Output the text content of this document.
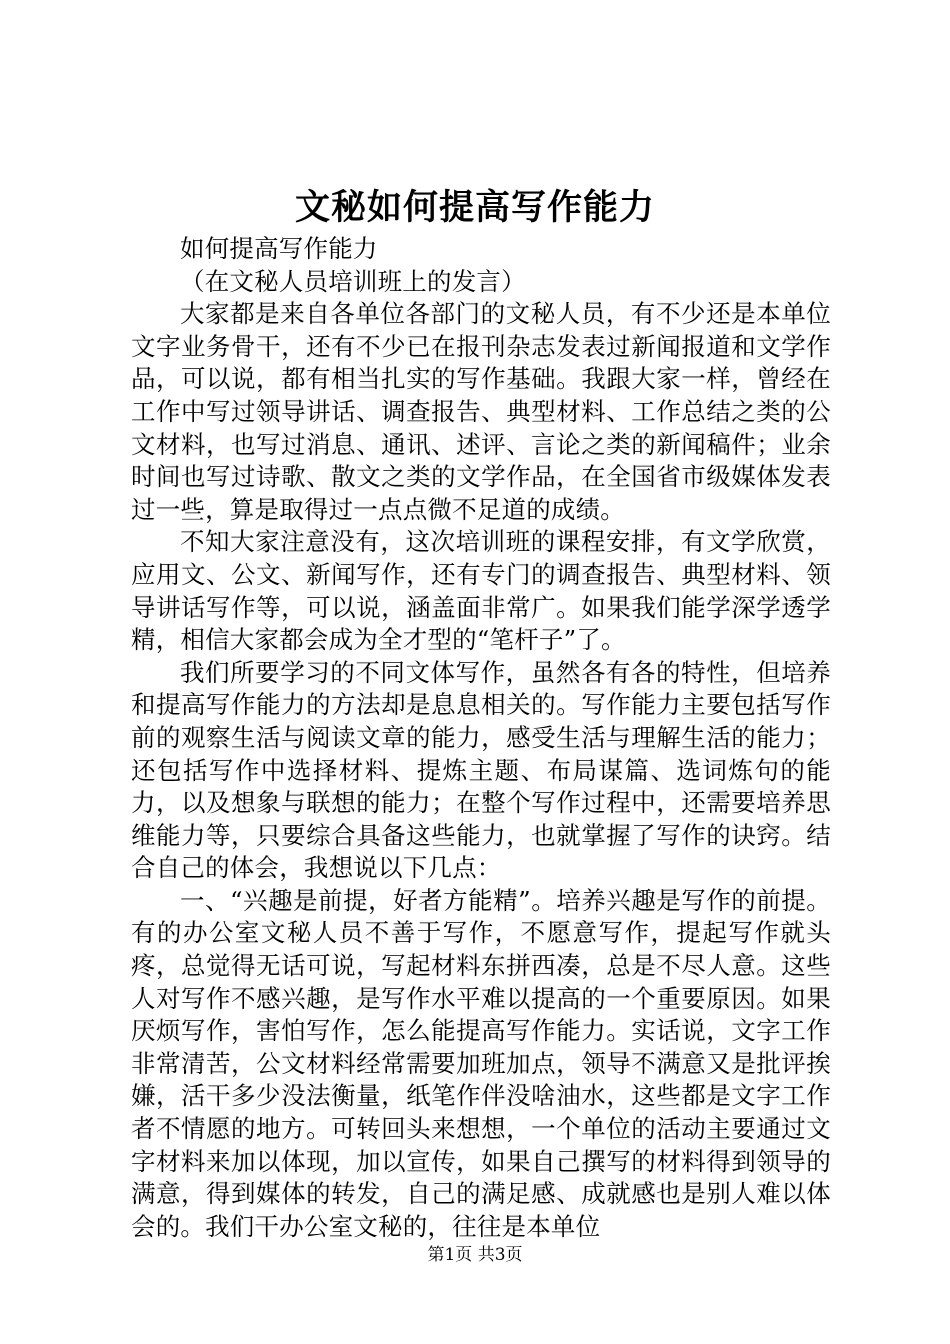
文秘如何提高写作能力

如何提高写作能力

（在文秘人员培训班上的发言）

大家都是来自各单位各部门的文秘人员，有不少还是本单位文字业务骨干，还有不少已在报刊杂志发表过新闻报道和文学作品，可以说，都有相当扎实的写作基础。我跟大家一样，曾经在工作中写过领导讲话、调查报告、典型材料、工作总结之类的公文材料，也写过消息、通讯、述评、言论之类的新闻稿件；业余时间也写过诗歌、散文之类的文学作品，在全国省市级媒体发表过一些，算是取得过一点点微不足道的成绩。

不知大家注意没有，这次培训班的课程安排，有文学欣赏，应用文、公文、新闻写作，还有专门的调查报告、典型材料、领导讲话写作等，可以说，涵盖面非常广。如果我们能学深学透学精，相信大家都会成为全才型的“笔杆子”了。

我们所要学习的不同文体写作，虽然各有各的特性，但培养和提高写作能力的方法却是息息相关的。写作能力主要包括写作前的观察生活与阅读文章的能力，感受生活与理解生活的能力；还包括写作中选择材料、提炼主题、布局谋篇、选词炼句的能力，以及想象与联想的能力；在整个写作过程中，还需要培养思维能力等，只要综合具备这些能力，也就掌握了写作的诀窍。结合自己的体会，我想说以下几点：

一、“兴趣是前提，好者方能精”。培养兴趣是写作的前提。有的办公室文秘人员不善于写作，不愿意写作，提起写作就头疼，总觉得无话可说，写起材料东拼西凑，总是不尽人意。这些人对写作不感兴趣，是写作水平难以提高的一个重要原因。如果厌烦写作，害怕写作，怎么能提高写作能力。实话说，文字工作非常清苦，公文材料经常需要加班加点，领导不满意又是批评挨嫌，活干多少没法衡量，纸笔作伴没啥油水，这些都是文字工作者不情愿的地方。可转回头来想想，一个单位的活动主要通过文字材料来加以体现，加以宣传，如果自己撰写的材料得到领导的满意，得到媒体的转发，自己的满足感、成就感也是别人难以体会的。我们干办公室文秘的，往往是本单位

第1页 共3页
